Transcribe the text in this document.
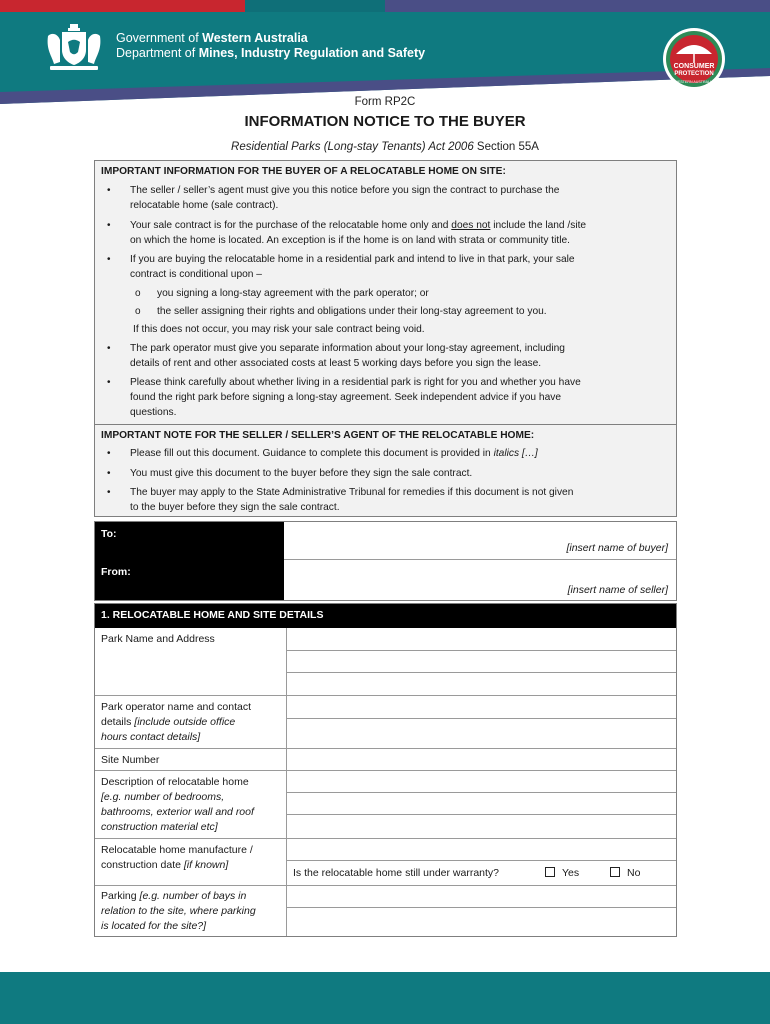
Government of Western Australia
Department of Mines, Industry Regulation and Safety
CONSUMER
PROTECTION
WESTERN AUSTRALIA
Form RP2C
INFORMATION NOTICE TO THE BUYER
Residential Parks (Long-stay Tenants) Act 2006 Section 55A
IMPORTANT INFORMATION FOR THE BUYER OF A RELOCATABLE HOME ON SITE:
• The seller / seller’s agent must give you this notice before you sign the contract to purchase the
relocatable home (sale contract).
• Your sale contract is for the purchase of the relocatable home only and does not include the land /site
on which the home is located. An exception is if the home is on land with strata or community title.
• If you are buying the relocatable home in a residential park and intend to live in that park, your sale
contract is conditional upon –
o you signing a long-stay agreement with the park operator; or
o the seller assigning their rights and obligations under their long-stay agreement to you.
If this does not occur, you may risk your sale contract being void.
• The park operator must give you separate information about your long-stay agreement, including
details of rent and other associated costs at least 5 working days before you sign the lease.
• Please think carefully about whether living in a residential park is right for you and whether you have
found the right park before signing a long-stay agreement. Seek independent advice if you have
questions.
IMPORTANT NOTE FOR THE SELLER / SELLER’S AGENT OF THE RELOCATABLE HOME:
• Please fill out this document. Guidance to complete this document is provided in italics […]
• You must give this document to the buyer before they sign the sale contract.
• The buyer may apply to the State Administrative Tribunal for remedies if this document is not given
to the buyer before they sign the sale contract.
To:
From:
[insert name of buyer]
[insert name of seller]
1. RELOCATABLE HOME AND SITE DETAILS
Park Name and Address
Park operator name and contact
details [include outside office
hours contact details]
Site Number
Description of relocatable home
[e.g. number of bedrooms,
bathrooms, exterior wall and roof
construction material etc]
Relocatable home manufacture /
construction date [if known]
Is the relocatable home still under warranty?	Yes	No
Parking [e.g. number of bays in
relation to the site, where parking
is located for the site?]
